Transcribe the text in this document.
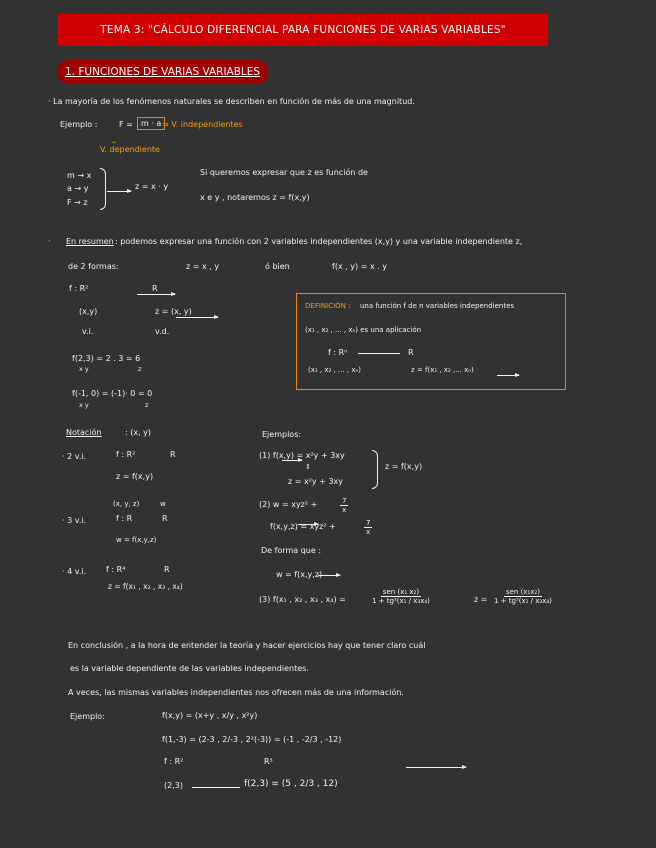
TEMA 3: "CÁLCULO DIFERENCIAL PARA FUNCIONES DE VARIAS VARIABLES"
1. FUNCIONES DE VARIAS VARIABLES
· La mayoría de los fenómenos naturales se describen en función de más de una magnitud.
Ejemplo :	F =	m · a ⇒ V. independientes
⏟
V. dependiente
m → x
a → y
F → z

z = x · y
Si queremos expresar que z es función de
x e y , notaremos z = f(x,y)
· En resumen : podemos expresar una función con 2 variables independientes (x,y) y una variable independiente z,
de 2 formas:	z = x , y	ó bien	f(x , y) = x . y
f : R²
	R
(x,y)
	z = (x, y)
v.i.	v.d.
f(2,3) = 2 . 3 = 6
x y	z
f(-1, 0) = (-1)· 0 = 0
x y	z
DEFINICIÓN : una función f de n variables independientes
(x₁ , x₂ , ... , xₙ) es una aplicación
f : Rⁿ	R
(x₁ , x₂ , ... , xₙ)
	z = f(x₁ , x₂ ,... xₙ)
Notación	: (x, y)
· 2 v.i.	f : R²
	R
z = f(x,y)
(x, y, z)	w
· 3 v.i.	f : R
	R
w = f(x,y,z)
· 4 v.i. f : R⁴
	R
z = f(x₁ , x₂ , x₃ , x₄)
Ejemplos:
(1) f(x,y) = x²y + 3xy
⇕
z = x²y + 3xy
z = f(x,y)
(2) w = xyz² +	$\frac{7}{x}$
f(x,y,z) = xyz² +	$\frac{7}{x}$
De forma que :
w = f(x,y,z)
(3) f(x₁ , x₂ , x₃ , x₄) =
sen (x₁ x₂)
1 + tg²(x₁ / x₃x₄)	z =
sen (x₁x₂)
1 + tg²(x₁ / x₃x₄)
En conclusión , a la hora de entender la teoría y hacer ejercicios hay que tener claro cuál
es la variable dependiente de las variables independientes.
A veces, las mismas variables independientes nos ofrecen más de una información.
Ejemplo:	f(x,y) = (x+y , x/y , x²y)
f(1,-3) = (2-3 , 2/-3 , 2²(-3)) = (-1 , -2/3 , -12)
f : R²	R³
(2,3)	f(2,3) = (5 , 2/3 , 12)
